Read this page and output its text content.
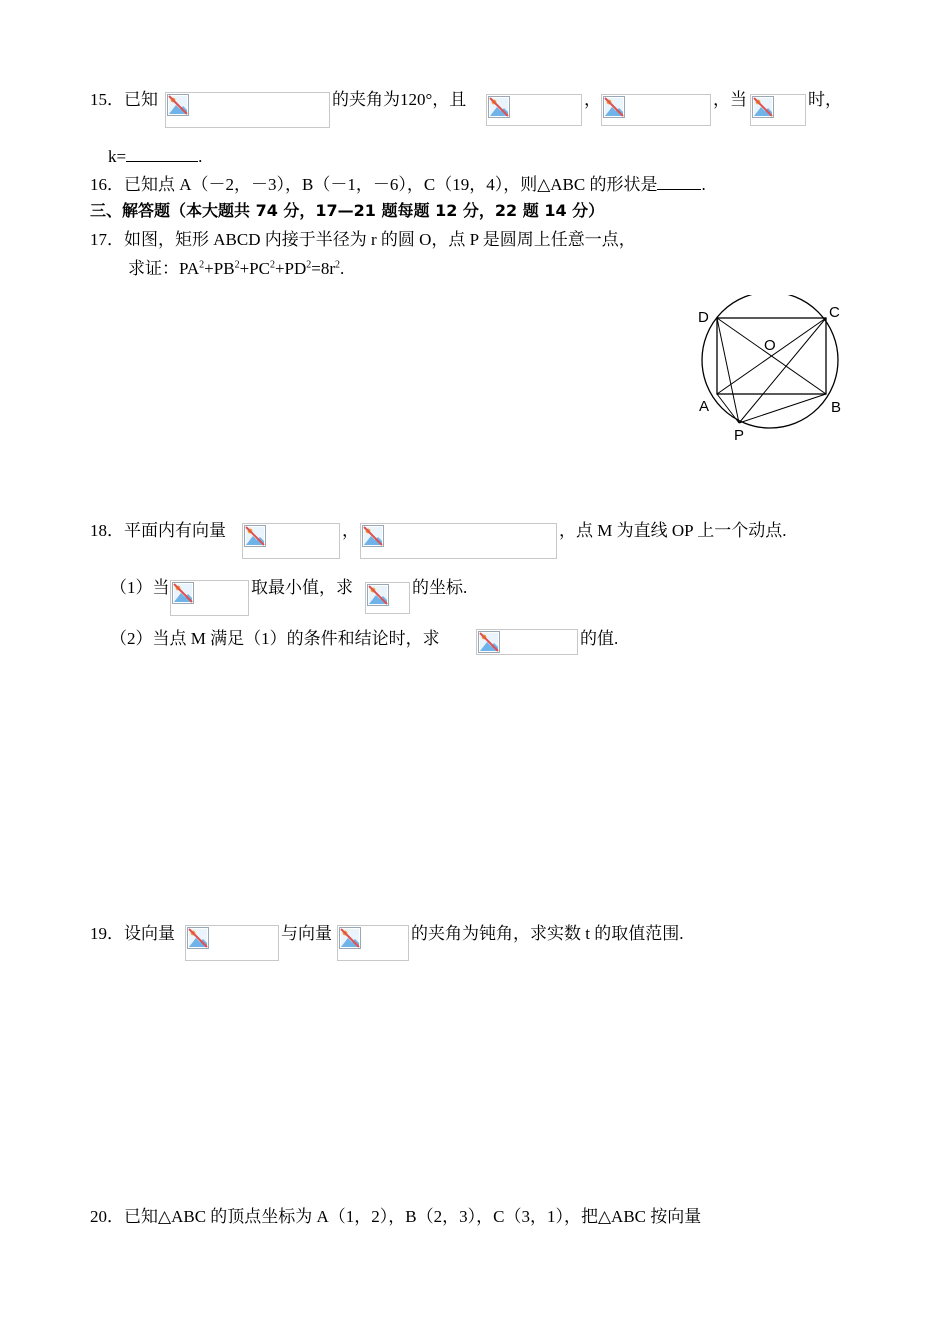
15．已知	的夹角为120°，且	，	，当	时，
k=	.
16．已知点 A（－2，－3），B（－1，－6），C（19，4），则△ABC 的形状是	.
三、解答题（本大题共 74 分，17—21 题每题 12 分，22 题 14 分）
17．如图，矩形 ABCD 内接于半径为 r 的圆 O，点 P 是圆周上任意一点，
求证：$PA^2+PB^2+PC^2+PD^2=8r^2$.
D	C
O
A	B
P
18．平面内有向量	，	，点 M 为直线 OP 上一个动点.
（1）当	取最小值，求	的坐标.
（2）当点 M 满足（1）的条件和结论时，求	的值.
19．设向量	与向量	的夹角为钝角，求实数 t 的取值范围.
20．已知△ABC 的顶点坐标为 A（1，2），B（2，3），C（3，1），把△ABC 按向量
